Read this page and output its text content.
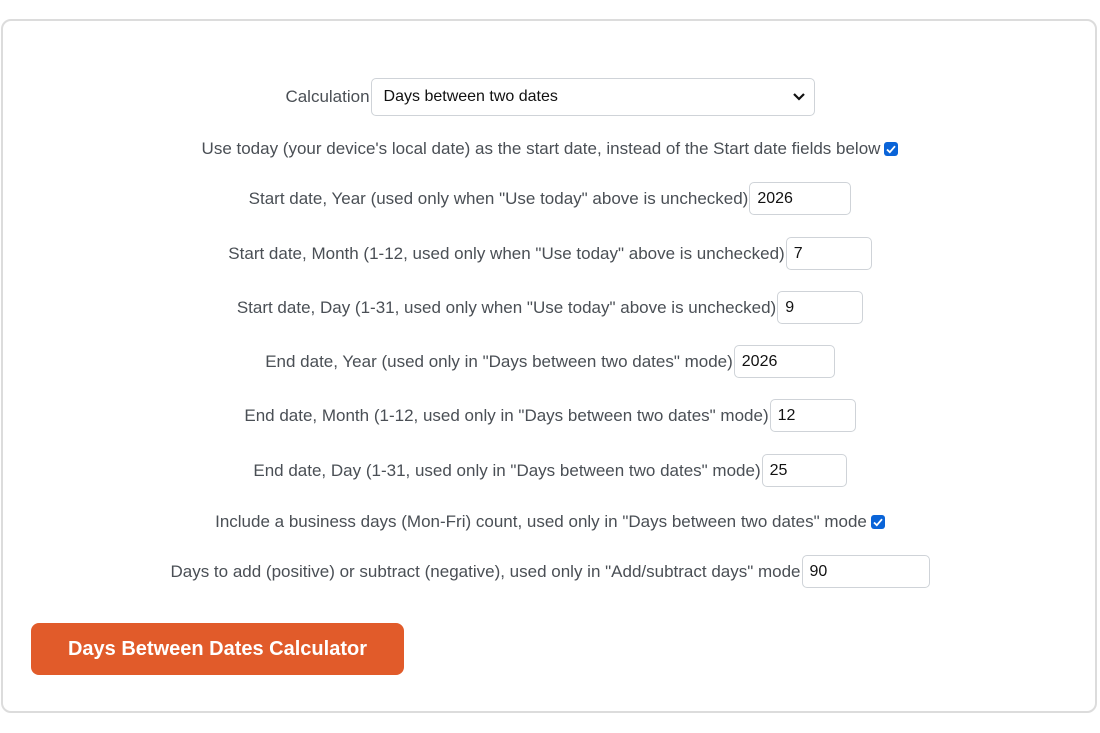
Calculation Days between two dates
Use today (your device's local date) as the start date, instead of the Start date fields below
Start date, Year (used only when "Use today" above is unchecked)
2026
Start date, Month (1-12, used only when "Use today" above is unchecked)
7
Start date, Day (1-31, used only when "Use today" above is unchecked)
9
End date, Year (used only in "Days between two dates" mode)
2026
End date, Month (1-12, used only in "Days between two dates" mode)
12
End date, Day (1-31, used only in "Days between two dates" mode)
25
Include a business days (Mon-Fri) count, used only in "Days between two dates" mode
Days to add (positive) or subtract (negative), used only in "Add/subtract days" mode
90
Days Between Dates Calculator
